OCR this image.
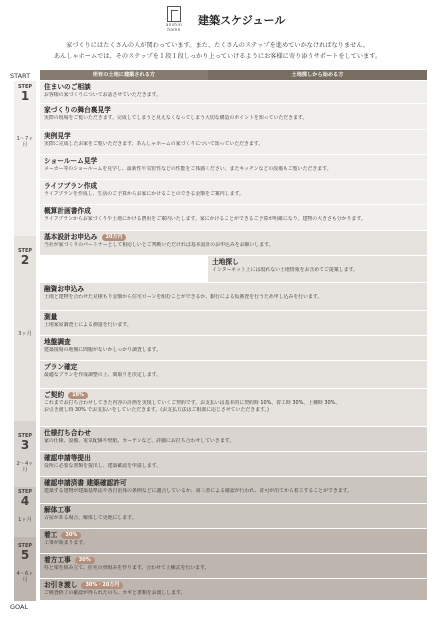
anshin home
建築スケジュール
家づくりにはたくさんの人が関わっています。また、たくさんのステップを進めていかなければなりません。
あんしゃホームでは、そのステップを１段１段しっかり上っていけるようにお客様に寄り添うサポートをしています。
START
GOAL
STEP
1
1〜7ヶ月
STEP
2
3ヶ月
STEP
3
2〜4ヶ月
STEP
4
1ヶ月
STEP
5
4〜6ヶ月
所有の土地に建築される方	土地探しから始める方
住まいのご相談
お客様の家づくりについてお話させていただきます。
家づくりの舞台裏見学
実際の現場をご覧いただきます。完成してしまうと見えなくなってしまう大切な構造のポイントを知っていただきます。
実例見学
実際に完成したお家をご覧いただきます。あんしゃホームの家づくりについて知っていただきます。
ショールーム見学
メーカー等のショールームを見学し、最新性や気密性などの性能をご体感ください。またキッチンなどの設備もご覧いただきます。
ライフプラン作成
ライフプランを作成し、生活のご予算からお家にかけることのできる金額をご案内します。
概算計画書作成
ライフプランからお家づくりや土地にかける費用をご案内いたします。家にかけることができるご予算が明確になり、建物の大きさも分かります。
基本設計お申込み 20万円
当社が家づくりのパートナーとして相応しいとご判断いただければ基本設計のお申込みをお願いします。
土地探し
インターネット上には現れない土地情報をお含めてご提案します。
融資お申込み
土地と建物を合わせた見積もり金額から住宅ローンを組むことができるか、銀行による仮審査を行うため申し込みを行います。
測量
土地家屋調査士による測量を行います。
地盤調査
建築現場の地盤に問題がないかしっかり調査します。
プラン確定
最適なプランを作成調整の上、間取りを決定します。
ご契約 10%
これまでお打ち合わせしてきた内容の計画を実現していくご契約です。お支払いは基本的に契約時 10%、着工時 30%、上棟時 30%、
お引き渡し時 30% でお支払いをしていただきます。(お支払方法はご相談に応じさせていただきます。)
仕様打ち合わせ
家の仕様、設備、電気配線や壁紙、カーテンなど、詳細にお打ち合わせしていきます。
確認申請等提出
役所に必要な書類を提出し、建築確認を申請します。
確認申請済書 建築確認許可
建築する建物が建築基準法や各自治体の条例などに適合しているか、第三者による確認が行われ、許可が出てから着工することができます。
解体工事
古屋がある場合、解体して更地にします。
着工 30%
工事が始まります。
着方工事 30%
柱と梁を組み立て、住宅の骨組みを作ります。合わせて上棟式を行います。
お引き渡し 30%・20万円
ご検査終了の確認が得られたのち、カギと書類をお渡しします。
